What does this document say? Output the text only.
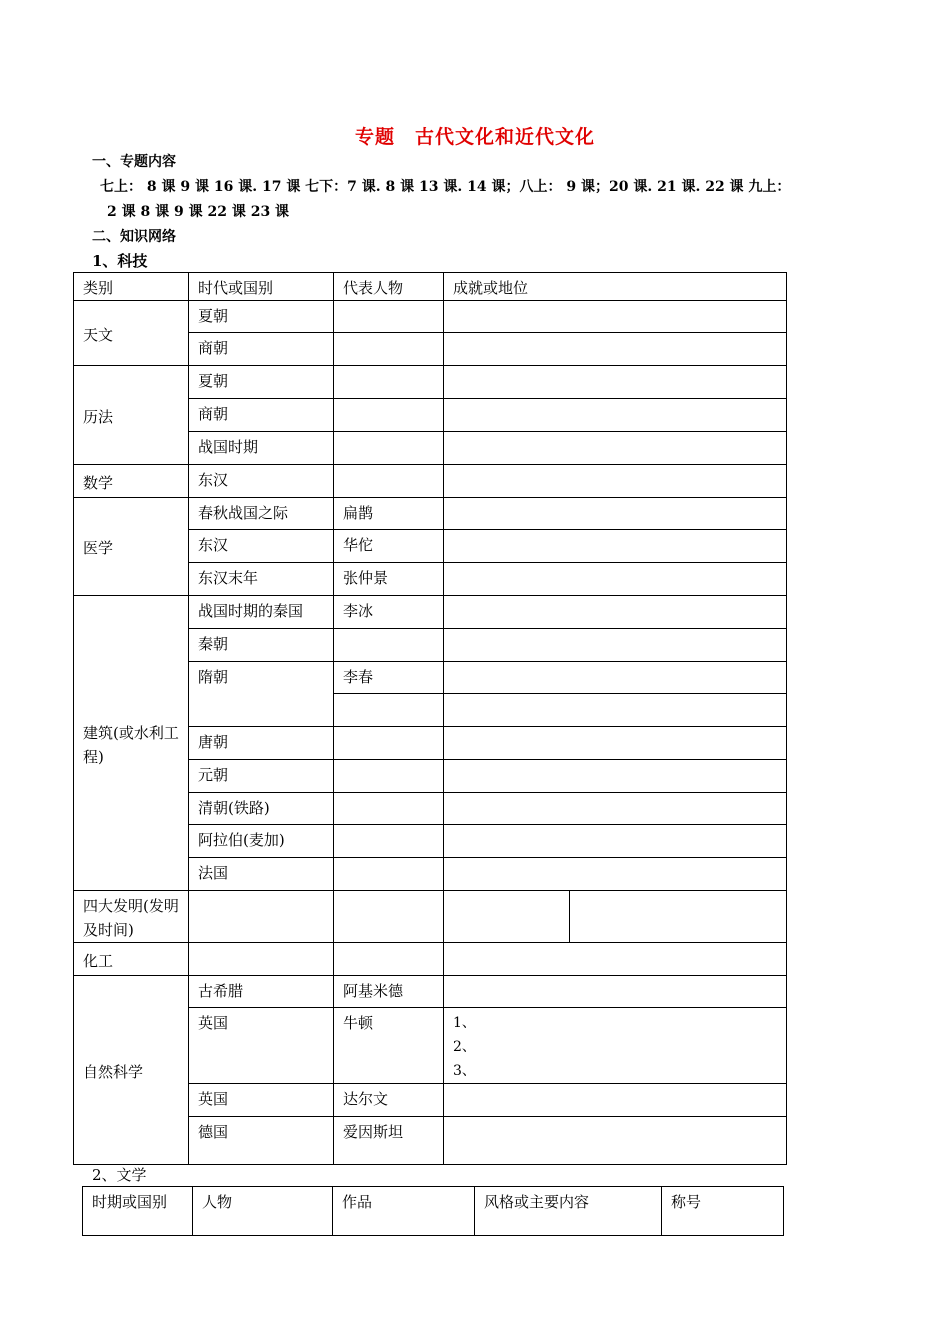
专题　古代文化和近代文化
一、专题内容
七上： 8 课 9 课 16 课. 17 课 七下：7 课. 8 课 13 课. 14 课；八上： 9 课；20 课. 21 课. 22 课 九上：
2 课 8 课 9 课 22 课 23 课
二、知识网络
1、科技
类别	时代或国别	代表人物	成就或地位	
天文	夏朝			
	商朝			
历法	夏朝			
	商朝			
	战国时期			
数学	东汉			
医学	春秋战国之际	扁鹊		
	东汉	华佗		
	东汉末年	张仲景		
建筑(或水利工程)	战国时期的秦国	李冰		
	秦朝			
	隋朝	李春		

	唐朝			
	元朝			
	清朝(铁路)			
	阿拉伯(麦加)			
	法国			
四大发明(发明及时间)				
化工				
自然科学	古希腊	阿基米德		
	英国	牛顿	1、
2、
3、	

	英国	达尔文		
	德国	爱因斯坦		
2、文学
时期或国别	人物	作品	风格或主要内容	称号
